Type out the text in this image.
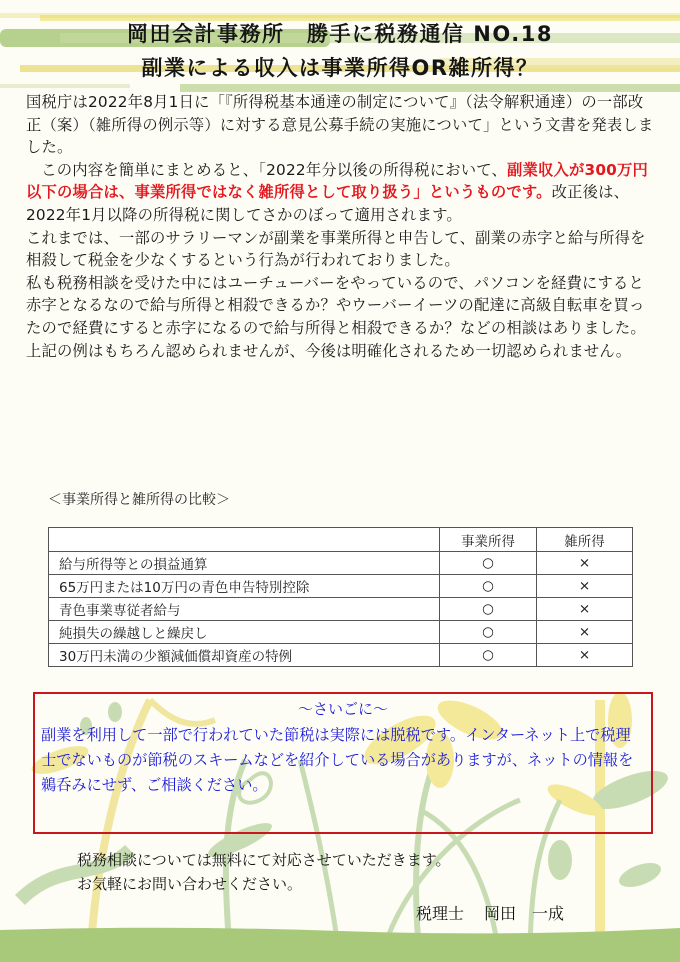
岡田会計事務所　勝手に税務通信 NO.18
副業による収入は事業所得OR雑所得？

国税庁は2022年8月1日に「『所得税基本通達の制定について』（法令解釈通達）の一部改正（案）（雑所得の例示等）に対する意見公募手続の実施について」という文書を発表しました。

この内容を簡単にまとめると、「2022年分以後の所得税において、副業収入が300万円以下の場合は、事業所得ではなく雑所得として取り扱う」というものです。改正後は、2022年1月以降の所得税に関してさかのぼって適用されます。

これまでは、一部のサラリーマンが副業を事業所得と申告して、副業の赤字と給与所得を相殺して税金を少なくするという行為が行われておりました。

私も税務相談を受けた中にはユーチューバーをやっているので、パソコンを経費にすると赤字となるなので給与所得と相殺できるか？やウーバーイーツの配達に高級自転車を買ったので経費にすると赤字になるので給与所得と相殺できるか？などの相談はありました。

上記の例はもちろん認められませんが、今後は明確化されるため一切認められません。

＜事業所得と雑所得の比較＞
	事業所得	雑所得
給与所得等との損益通算	○	×
65万円または10万円の青色申告特別控除	○	×
青色事業専従者給与	○	×
純損失の繰越しと繰戻し	○	×
30万円未満の少額減価償却資産の特例	○	×
～さいごに～
副業を利用して一部で行われていた節税は実際には脱税です。インターネット上で税理士でないものが節税のスキームなどを紹介している場合がありますが、ネットの情報を鵜呑みにせず、ご相談ください。
税務相談については無料にて対応させていただきます。
お気軽にお問い合わせください。
税理士 岡田　一成
